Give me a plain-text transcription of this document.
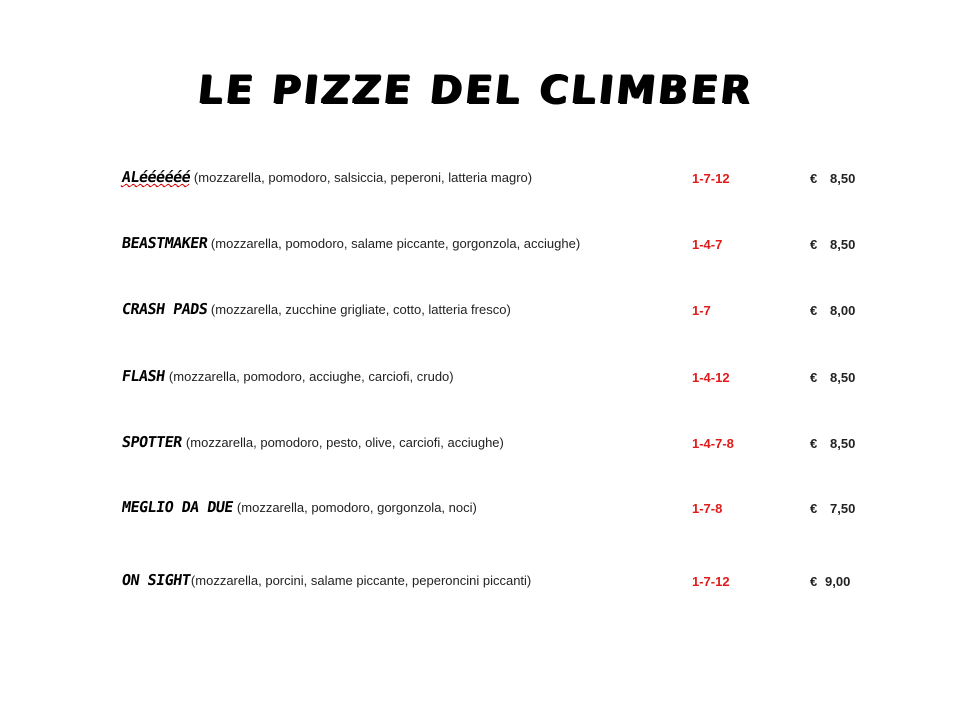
LE PIZZE DEL CLIMBER
ALéééééé (mozzarella, pomodoro, salsiccia, peperoni, latteria magro)	1-7-12	€ 8,50
BEASTMAKER (mozzarella, pomodoro, salame piccante, gorgonzola, acciughe)	1-4-7	€ 8,50
CRASH PADS (mozzarella, zucchine grigliate, cotto, latteria fresco)	1-7	€ 8,00
FLASH (mozzarella, pomodoro, acciughe, carciofi, crudo)	1-4-12	€ 8,50
SPOTTER (mozzarella, pomodoro, pesto, olive, carciofi, acciughe)	1-4-7-8	€ 8,50
MEGLIO DA DUE (mozzarella, pomodoro, gorgonzola, noci)	1-7-8	€ 7,50
ON SIGHT(mozzarella, porcini, salame piccante, peperoncini piccanti)	1-7-12	€ 9,00
